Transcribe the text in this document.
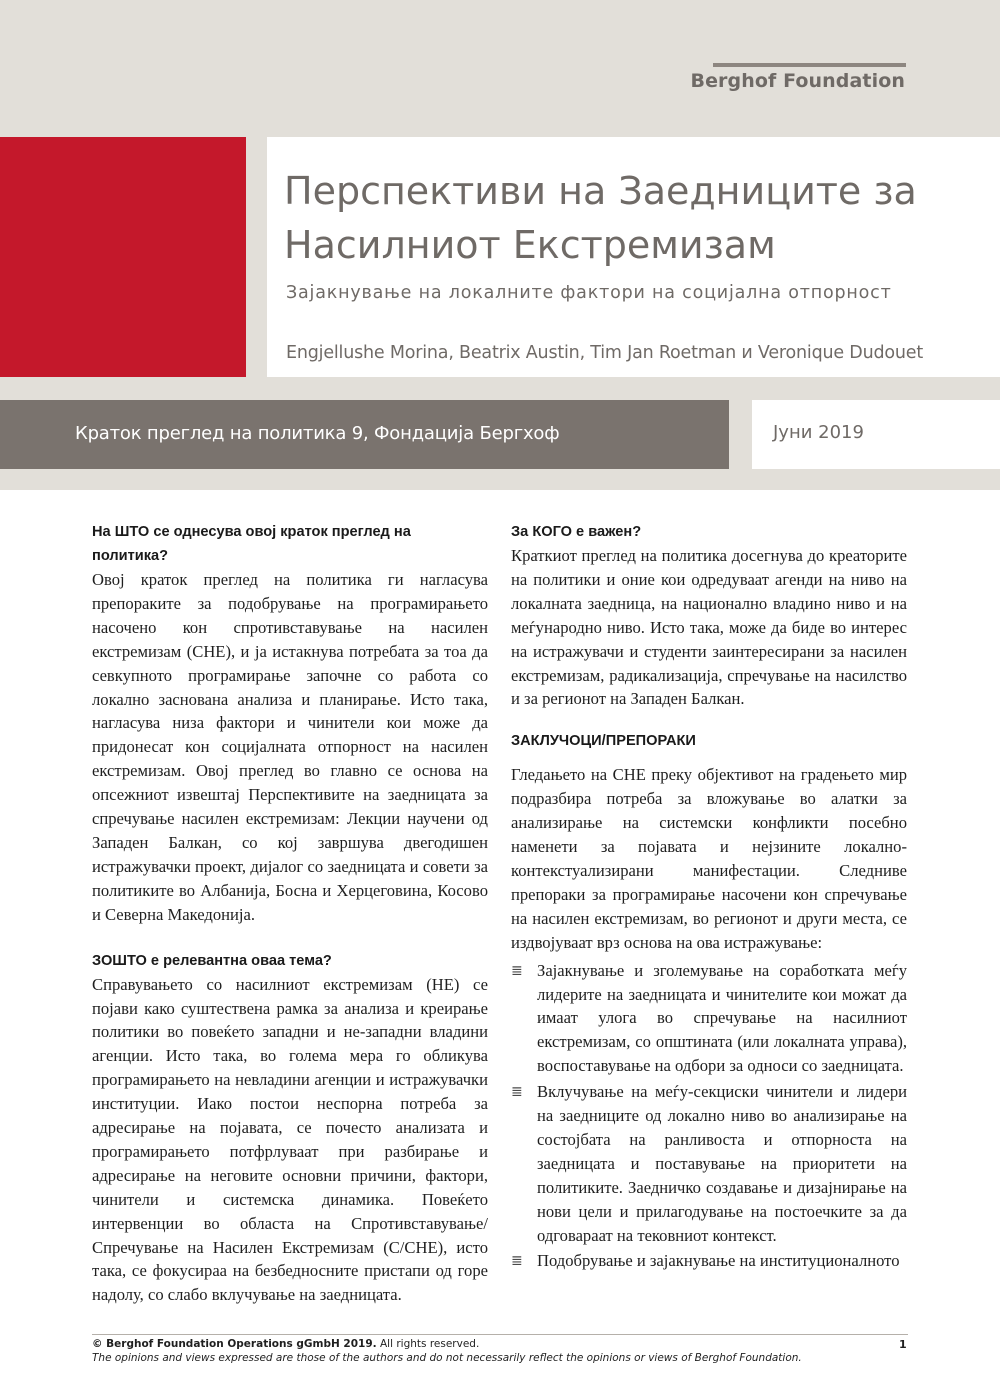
Berghof Foundation
Перспективи на Заедниците за Насилниот Екстремизам
Зајакнување на локалните фактори на социјална отпорност
Engjellushe Morina, Beatrix Austin, Tim Jan Roetman и Veronique Dudouet
Краток преглед на политика 9, Фондација Бергхоф	Јуни 2019
На ШТО се однесува овој краток преглед на политика?

Овој краток преглед на политика ги нагласува препораките за подобрување на програмирањето насочено кон спротивставување на насилен екстремизам (СНЕ), и ја истакнува потребата за тоа да севкупното програмирање започне со работа со локално заснована анализа и планирање. Исто така, нагласува низа фактори и чинители кои може да придонесат кон социјалната отпорност на насилен екстремизам. Овој преглед во главно се основа на опсежниот извештај Перспективите на заедницата за спречување насилен екстремизам: Лекции научени од Западен Балкан, со кој завршува двегодишен истражувачки проект, дијалог со заедницата и совети за политиките во Албанија, Босна и Херцеговина, Косово и Северна Македонија.

ЗОШТО е релевантна оваа тема?

Справувањето со насилниот екстремизам (НЕ) се појави како суштествена рамка за анализа и креирање политики во повеќето западни и не-западни владини агенции. Исто така, во голема мера го обликува програмирањето на невладини агенции и истражувачки институции. Иако постои неспорна потреба за адресирање на појавата, се почесто анализата и програмирањето потфрлуваат при разбирање и адресирање на неговите основни причини, фактори, чинители и системска динамика. Повеќето интервенции во областа на Спротивставување/Спречување на Насилен Екстремизам (С/СНЕ), исто така, се фокусираа на безбедносните пристапи од горе надолу, со слабо вклучување на заедницата.

За КОГО е важен?

Краткиот преглед на политика досегнува до креаторите на политики и оние кои одредуваат агенди на ниво на локалната заедница, на национално владино ниво и на меѓународно ниво. Исто така, може да биде во интерес на истражувачи и студенти заинтересирани за насилен екстремизам, радикализација, спречување на насилство и за регионот на Западен Балкан.

ЗАКЛУЧОЦИ/ПРЕПОРАКИ

Гледањето на СНЕ преку објективот на градењето мир подразбира потреба за вложување во алатки за анализирање на системски конфликти посебно наменети за појавата и нејзините локално-контекстуализирани манифестации. Следниве препораки за програмирање насочени кон спречување на насилен екстремизам, во регионот и други места, се издвојуваат врз основа на ова истражување:

≣ Зајакнување и зголемување на соработката меѓу лидерите на заедницата и чинителите кои можат да имаат улога во спречување на насилниот екстремизам, со општината (или локалната управа), воспоставување на одбори за односи со заедницата.
≣ Вклучување на меѓу-секциски чинители и лидери на заедниците од локално ниво во анализирање на состојбата на ранливоста и отпорноста на заедницата и поставување на приоритети на политиките. Заедничко создавање и дизајнирање на нови цели и прилагодување на постоечките за да одговараат на тековниот контекст.
≣ Подобрување и зајакнување на институционалното
© Berghof Foundation Operations gGmbH 2019. All rights reserved.
The opinions and views expressed are those of the authors and do not necessarily reflect the opinions or views of Berghof Foundation.
1
